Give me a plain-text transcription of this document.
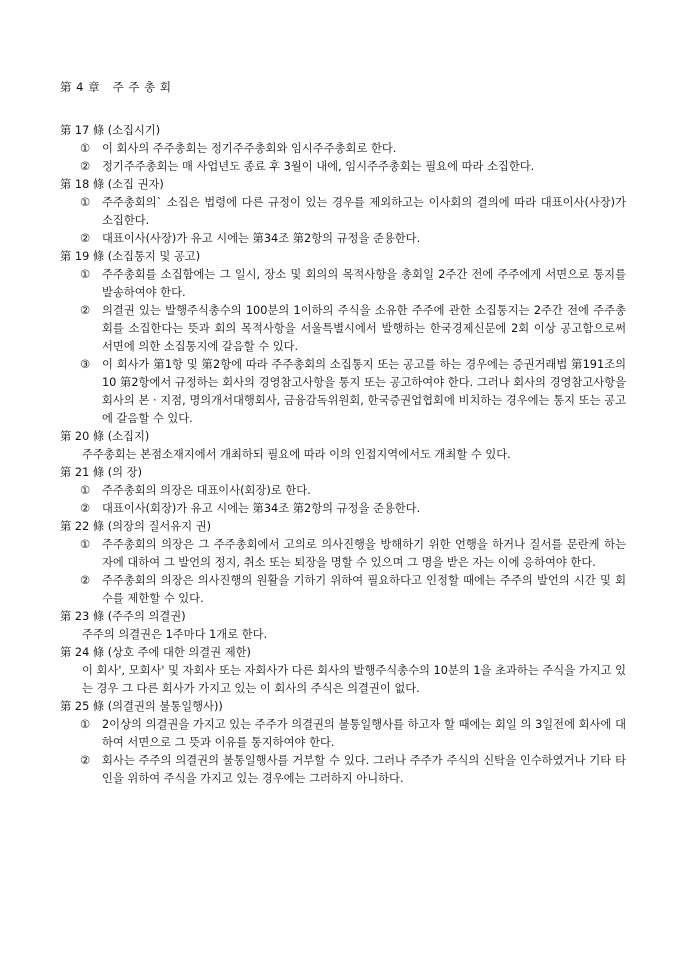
第 4 章   주 주 총 회
第 17 條 (소집시기)
①	이 회사의 주주총회는 정기주주총회와 임시주주총회로 한다.
②	정기주주총회는 매 사업년도 종료 후 3월이 내에, 임시주주총회는 필요에 따라 소집한다.
第 18 條 (소집 권자)
①	주주총회의` 소집은 법령에 다른 규정이 있는 경우를 제외하고는 이사회의 결의에 따라 대표이사(사장)가 소집한다.
②	대표이사(사장)가 유고 시에는 第34조 第2항의 규정을 준용한다.
第 19 條 (소집통지 및 공고)
①	주주총회를 소집함에는 그 일시, 장소 및 회의의 목적사항을 총회일 2주간 전에 주주에게 서면으로 통지를 발송하여야 한다.
②	의결권 있는 발행주식총수의 100분의 1이하의 주식을 소유한 주주에 관한 소집통지는 2주간 전에 주주총회를 소집한다는 뜻과 회의 목적사항을 서울특별시에서 발행하는 한국경제신문에 2회 이상 공고함으로써 서면에 의한 소집통지에 갈음할 수 있다.
③	이 회사가 第1항 및 第2항에 따라 주주총회의 소집통지 또는 공고를 하는 경우에는 증권거래법 第191조의10 第2항에서 규정하는 회사의 경영참고사항을 통지 또는 공고하여야 한다. 그러나 회사의 경영참고사항을 회사의 본 · 지점, 명의개서대행회사, 금융감독위원회, 한국증권업협회에 비치하는 경우에는 통지 또는 공고에 갈음할 수 있다.
第 20 條 (소집지)
주주총회는 본점소재지에서 개최하되 필요에 따라 이의 인접지역에서도 개최할 수 있다.
第 21 條 (의 장)
①	주주총회의 의장은 대표이사(회장)로 한다.
②	대표이사(회장)가 유고 시에는 第34조 第2항의 규정을 준용한다.
第 22 條 (의장의 질서유지 권)
①	주주총회의 의장은 그 주주총회에서 고의로 의사진행을 방해하기 위한 언행을 하거나 질서를 문란케 하는 자에 대하여 그 발언의 정지, 취소 또는 퇴장을 명할 수 있으며 그 명을 받은 자는 이에 응하여야 한다.
②	주주총회의 의장은 의사진행의 원활을 기하기 위하여 필요하다고 인정할 때에는 주주의 발언의 시간 및 회수를 제한할 수 있다.
第 23 條 (주주의 의결권)
주주의 의결권은 1주마다 1개로 한다.
第 24 條 (상호 주에 대한 의결권 제한)
이 회사', 모회사' 및 자회사 또는 자회사가 다른 회사의 발행주식총수의 10분의 1을 초과하는 주식을 가지고 있는 경우 그 다른 회사가 가지고 있는 이 회사의 주식은 의결권이 없다.
第 25 條 (의결권의 불통일행사))
①	2이상의 의결권을 가지고 있는 주주가 의결권의 불통일행사를 하고자 할 때에는 회일 의 3일전에 회사에 대하여 서면으로 그 뜻과 이유를 통지하여야 한다.
②	회사는 주주의 의결권의 불통일행사를 거부할 수 있다. 그러나 주주가 주식의 신탁을 인수하였거나 기타 타인을 위하여 주식을 가지고 있는 경우에는 그러하지 아니하다.
